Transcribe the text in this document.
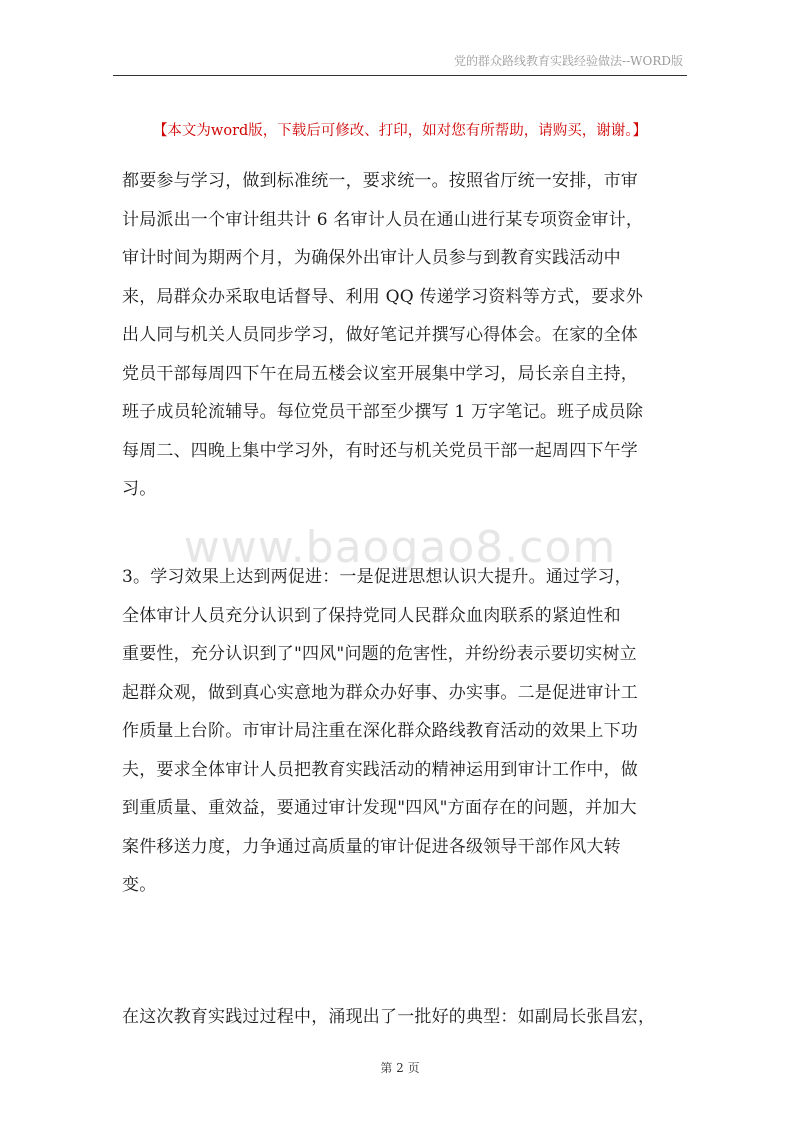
党的群众路线教育实践经验做法--WORD版
【本文为word版，下载后可修改、打印，如对您有所帮助，请购买，谢谢。】
都要参与学习，做到标准统一，要求统一。按照省厅统一安排，市审
计局派出一个审计组共计 6 名审计人员在通山进行某专项资金审计，
审计时间为期两个月，为确保外出审计人员参与到教育实践活动中
来，局群众办采取电话督导、利用 QQ 传递学习资料等方式，要求外
出人同与机关人员同步学习，做好笔记并撰写心得体会。在家的全体
党员干部每周四下午在局五楼会议室开展集中学习，局长亲自主持，
班子成员轮流辅导。每位党员干部至少撰写 1 万字笔记。班子成员除
每周二、四晚上集中学习外，有时还与机关党员干部一起周四下午学
习。
www.baogao8.com
3。学习效果上达到两促进：一是促进思想认识大提升。通过学习，
全体审计人员充分认识到了保持党同人民群众血肉联系的紧迫性和
重要性，充分认识到了"四风"问题的危害性，并纷纷表示要切实树立
起群众观，做到真心实意地为群众办好事、办实事。二是促进审计工
作质量上台阶。市审计局注重在深化群众路线教育活动的效果上下功
夫，要求全体审计人员把教育实践活动的精神运用到审计工作中，做
到重质量、重效益，要通过审计发现"四风"方面存在的问题，并加大
案件移送力度，力争通过高质量的审计促进各级领导干部作风大转
变。
在这次教育实践过过程中，涌现出了一批好的典型：如副局长张昌宏，
第 2 页
